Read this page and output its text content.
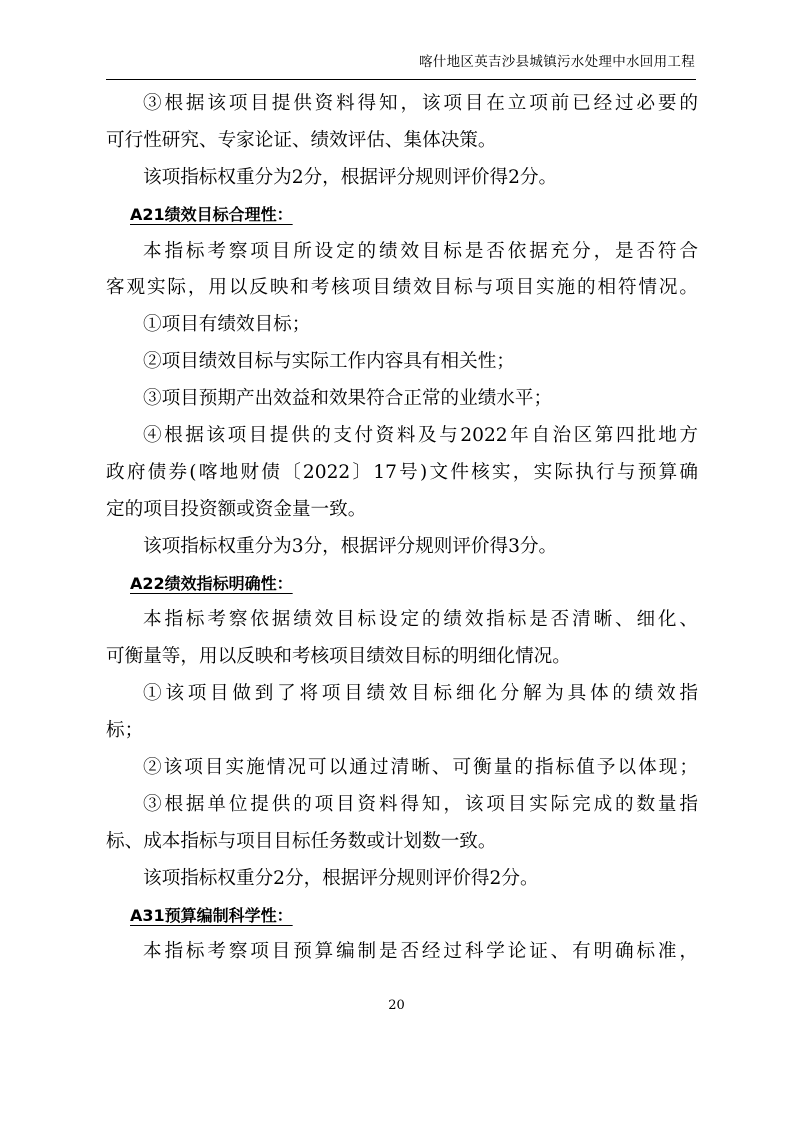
喀什地区英吉沙县城镇污水处理中水回用工程
③根据该项目提供资料得知，该项目在立项前已经过必要的
可行性研究、专家论证、绩效评估、集体决策。
该项指标权重分为2分，根据评分规则评价得2分。
A21绩效目标合理性：
本指标考察项目所设定的绩效目标是否依据充分，是否符合
客观实际，用以反映和考核项目绩效目标与项目实施的相符情况。
①项目有绩效目标；
②项目绩效目标与实际工作内容具有相关性；
③项目预期产出效益和效果符合正常的业绩水平；
④根据该项目提供的支付资料及与2022年自治区第四批地方
政府债券(喀地财债〔2022〕17号)文件核实，实际执行与预算确
定的项目投资额或资金量一致。
该项指标权重分为3分，根据评分规则评价得3分。
A22绩效指标明确性：
本指标考察依据绩效目标设定的绩效指标是否清晰、细化、
可衡量等，用以反映和考核项目绩效目标的明细化情况。
①该项目做到了将项目绩效目标细化分解为具体的绩效指
标；
②该项目实施情况可以通过清晰、可衡量的指标值予以体现；
③根据单位提供的项目资料得知，该项目实际完成的数量指
标、成本指标与项目目标任务数或计划数一致。
该项指标权重分2分，根据评分规则评价得2分。
A31预算编制科学性：
本指标考察项目预算编制是否经过科学论证、有明确标准，
20
